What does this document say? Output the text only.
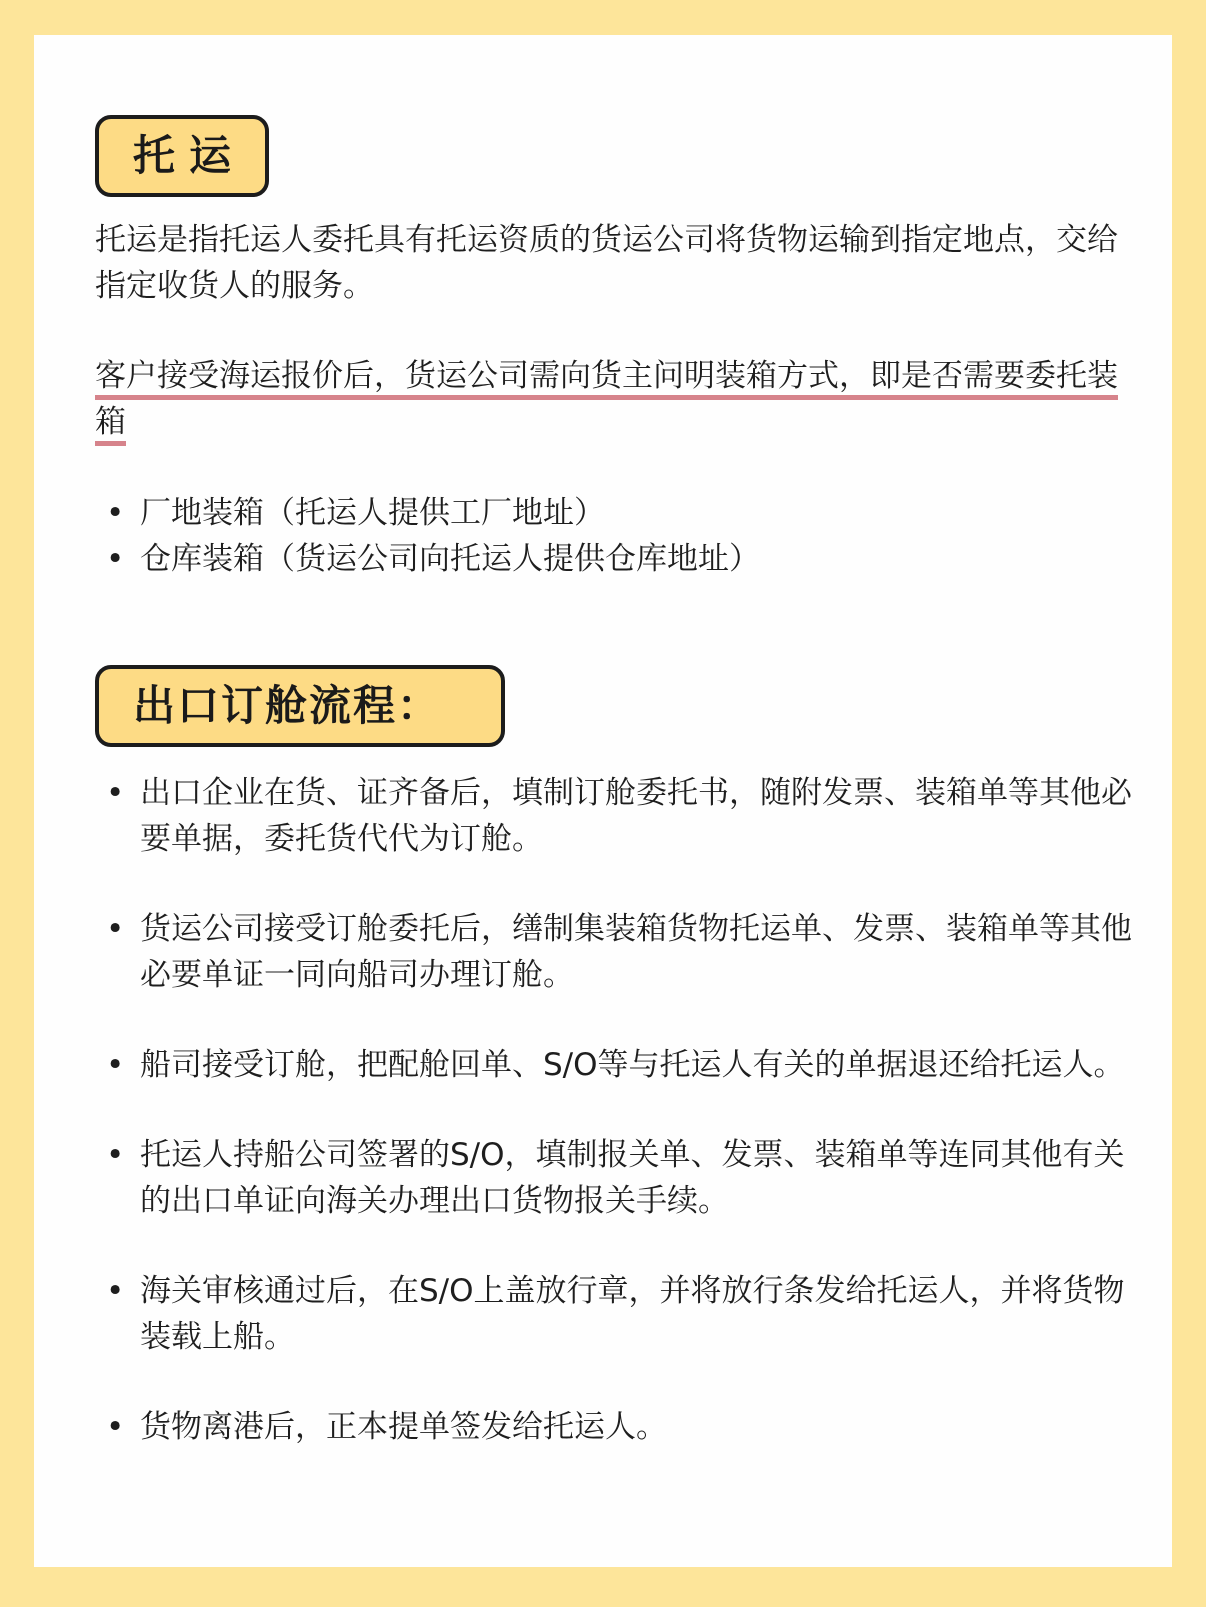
托运

托运是指托运人委托具有托运资质的货运公司将货物运输到指定地点，交给指定收货人的服务。

客户接受海运报价后，货运公司需向货主问明装箱方式，即是否需要委托装箱

• 厂地装箱（托运人提供工厂地址）
• 仓库装箱（货运公司向托运人提供仓库地址）
出口订舱流程：
• 出口企业在货、证齐备后，填制订舱委托书，随附发票、装箱单等其他必要单据，委托货代代为订舱。
• 货运公司接受订舱委托后，缮制集装箱货物托运单、发票、装箱单等其他必要单证一同向船司办理订舱。
• 船司接受订舱，把配舱回单、S/O等与托运人有关的单据退还给托运人。
• 托运人持船公司签署的S/O，填制报关单、发票、装箱单等连同其他有关的出口单证向海关办理出口货物报关手续。
• 海关审核通过后，在S/O上盖放行章，并将放行条发给托运人，并将货物装载上船。
• 货物离港后，正本提单签发给托运人。
